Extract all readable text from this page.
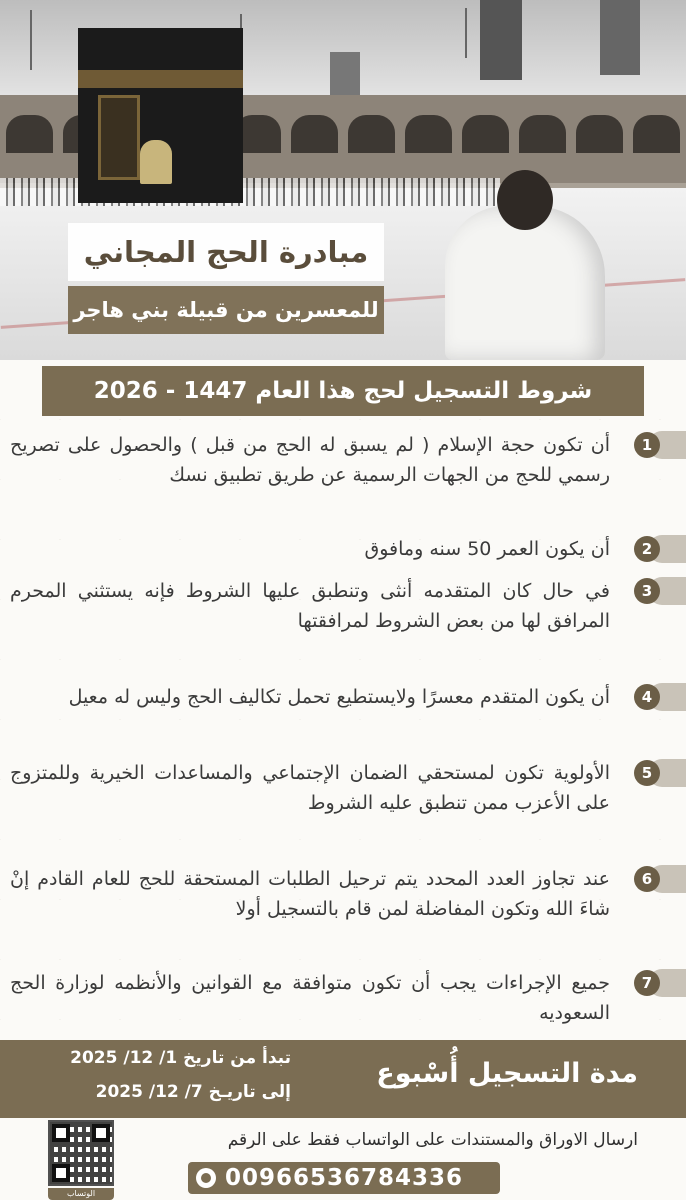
مبادرة الحج المجاني
للمعسرين من قبيلة بني هاجر
شروط التسجيل لحج هذا العام 1447 - 2026
1
أن تكون حجة الإسلام ( لم يسبق له الحج من قبل ) والحصول على تصريح رسمي للحج من الجهات الرسمية عن طريق تطبيق نسك
2
أن يكون العمر 50 سنه ومافوق
3
في حال كان المتقدمه أنثى وتنطبق عليها الشروط فإنه يستثني المحرم المرافق لها من بعض الشروط لمرافقتها
4
أن يكون المتقدم معسرًا ولايستطيع تحمل تكاليف الحج وليس له معيل
5
الأولوية تكون لمستحقي الضمان الإجتماعي والمساعدات الخيرية وللمتزوج على الأعزب ممن تنطبق عليه الشروط
6
عند تجاوز العدد المحدد يتم ترحيل الطلبات المستحقة للحج للعام القادم إنْ شاءَ الله وتكون المفاضلة لمن قام بالتسجيل أولا
7
جميع الإجراءات يجب أن تكون متوافقة مع القوانين والأنظمه لوزارة الحج السعوديه
مدة التسجيل أُسْبوع
تبدأ من تاريخ 1/ 12/ 2025
إلى تاريـخ 7/ 12/ 2025
ارسال الاوراق والمستندات على الواتساب فقط على الرقم
00966536784336
الوتساب
